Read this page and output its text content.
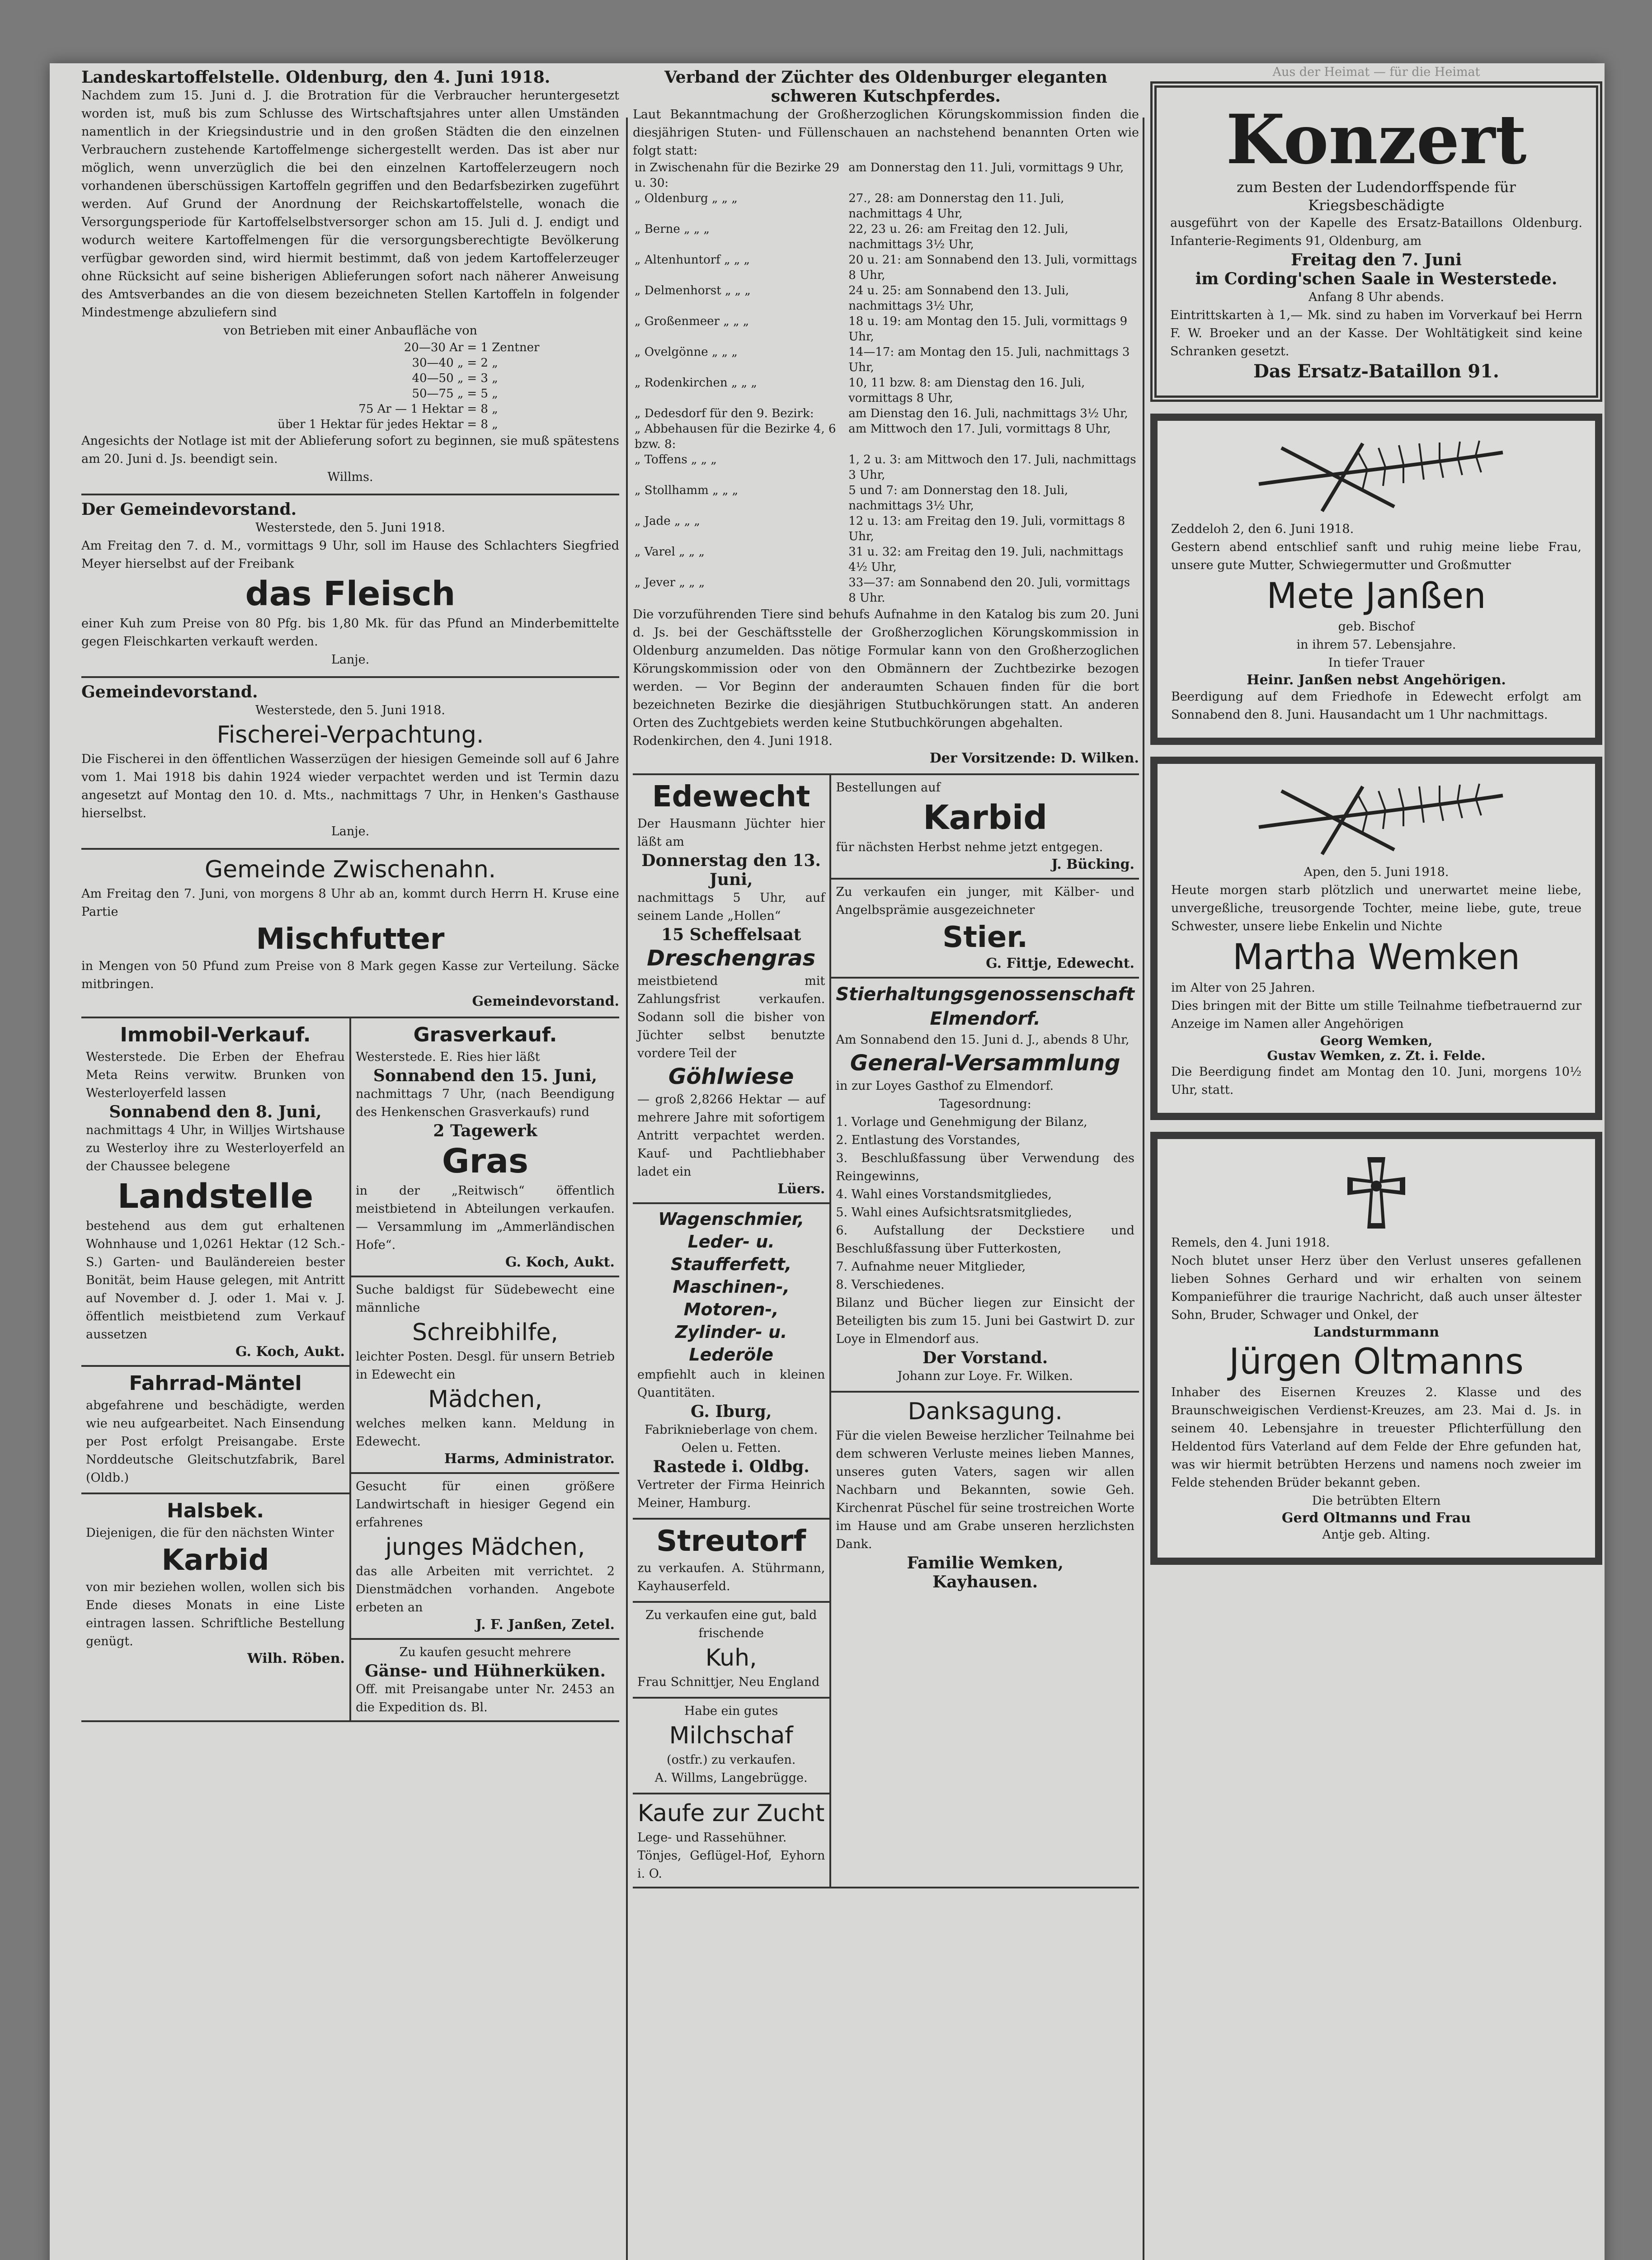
Landeskartoffelstelle. Oldenburg, den 4. Juni 1918.

Nachdem zum 15. Juni d. J. die Brotration für die Verbraucher heruntergesetzt worden ist, muß bis zum Schlusse des Wirtschaftsjahres unter allen Umständen namentlich in der Kriegsindustrie und in den großen Städten die den einzelnen Verbrauchern zustehende Kartoffelmenge sichergestellt werden. Das ist aber nur möglich, wenn unverzüglich die bei den einzelnen Kartoffelerzeugern noch vorhandenen überschüssigen Kartoffeln gegriffen und den Bedarfsbezirken zugeführt werden. Auf Grund der Anordnung der Reichskartoffelstelle, wonach die Versorgungsperiode für Kartoffelselbstversorger schon am 15. Juli d. J. endigt und wodurch weitere Kartoffelmengen für die versorgungsberechtigte Bevölkerung verfügbar geworden sind, wird hiermit bestimmt, daß von jedem Kartoffelerzeuger ohne Rücksicht auf seine bisherigen Ablieferungen sofort nach näherer Anweisung des Amtsverbandes an die von diesem bezeichneten Stellen Kartoffeln in folgender Mindestmenge abzuliefern sind

von Betrieben mit einer Anbaufläche von

20—30 Ar	= 1 Zentner
30—40 „	= 2 „
40—50 „	= 3 „
50—75 „	= 5 „
75 Ar — 1 Hektar	= 8 „
über 1 Hektar für jedes Hektar	= 8 „

Angesichts der Notlage ist mit der Ablieferung sofort zu beginnen, sie muß spätestens am 20. Juni d. Js. beendigt sein.

Willms.

Der Gemeindevorstand.

Westerstede, den 5. Juni 1918.

Am Freitag den 7. d. M., vormittags 9 Uhr, soll im Hause des Schlachters Siegfried Meyer hierselbst auf der Freibank

das Fleisch

einer Kuh zum Preise von 80 Pfg. bis 1,80 Mk. für das Pfund an Minderbemittelte gegen Fleischkarten verkauft werden.

Lanje.

Gemeindevorstand.

Westerstede, den 5. Juni 1918.

Fischerei-Verpachtung.

Die Fischerei in den öffentlichen Wasserzügen der hiesigen Gemeinde soll auf 6 Jahre vom 1. Mai 1918 bis dahin 1924 wieder verpachtet werden und ist Termin dazu angesetzt auf Montag den 10. d. Mts., nachmittags 7 Uhr, in Henken's Gasthause hierselbst.

Lanje.

Gemeinde Zwischenahn.

Am Freitag den 7. Juni, von morgens 8 Uhr ab an, kommt durch Herrn H. Kruse eine Partie

Mischfutter

in Mengen von 50 Pfund zum Preise von 8 Mark gegen Kasse zur Verteilung. Säcke mitbringen.

Gemeindevorstand.

Immobil-Verkauf.

Westerstede. Die Erben der Ehefrau Meta Reins verwitw. Brunken von Westerloyerfeld lassen

Sonnabend den 8. Juni,

nachmittags 4 Uhr, in Willjes Wirtshause zu Westerloy ihre zu Westerloyerfeld an der Chaussee belegene

Landstelle

bestehend aus dem gut erhaltenen Wohnhause und 1,0261 Hektar (12 Sch.-S.) Garten- und Bauländereien bester Bonität, beim Hause gelegen, mit Antritt auf November d. J. oder 1. Mai v. J. öffentlich meistbietend zum Verkauf aussetzen

G. Koch, Aukt.

Fahrrad-Mäntel

abgefahrene und beschädigte, werden wie neu aufgearbeitet. Nach Einsendung per Post erfolgt Preisangabe. Erste Norddeutsche Gleitschutzfabrik, Barel (Oldb.)

Halsbek.

Diejenigen, die für den nächsten Winter

Karbid

von mir beziehen wollen, wollen sich bis Ende dieses Monats in eine Liste eintragen lassen. Schriftliche Bestellung genügt.

Wilh. Röben.

Grasverkauf.

Westerstede. E. Ries hier läßt

Sonnabend den 15. Juni,

nachmittags 7 Uhr, (nach Beendigung des Henkenschen Grasverkaufs) rund

2 Tagewerk

Gras

in der „Reitwisch“ öffentlich meistbietend in Abteilungen verkaufen. — Versammlung im „Ammerländischen Hofe“.

G. Koch, Aukt.

Suche baldigst für Südebewecht eine männliche

Schreibhilfe,

leichter Posten. Desgl. für unsern Betrieb in Edewecht ein

Mädchen,

welches melken kann. Meldung in Edewecht.

Harms, Administrator.

Gesucht für einen größere Landwirtschaft in hiesiger Gegend ein erfahrenes

junges Mädchen,

das alle Arbeiten mit verrichtet. 2 Dienstmädchen vorhanden. Angebote erbeten an

J. F. Janßen, Zetel.

Zu kaufen gesucht mehrere

Gänse- und Hühnerküken.

Off. mit Preisangabe unter Nr. 2453 an die Expedition ds. Bl.

Verband der Züchter des Oldenburger eleganten schweren Kutschpferdes.

Laut Bekanntmachung der Großherzoglichen Körungskommission finden die diesjährigen Stuten- und Füllenschauen an nachstehend benannten Orten wie folgt statt:

in Zwischenahn für die Bezirke 29 u. 30:	am Donnerstag den 11. Juli, vormittags 9 Uhr,
„ Oldenburg „ „ „	27., 28: am Donnerstag den 11. Juli, nachmittags 4 Uhr,
„ Berne „ „ „	22, 23 u. 26: am Freitag den 12. Juli, nachmittags 3½ Uhr,
„ Altenhuntorf „ „ „	20 u. 21: am Sonnabend den 13. Juli, vormittags 8 Uhr,
„ Delmenhorst „ „ „	24 u. 25: am Sonnabend den 13. Juli, nachmittags 3½ Uhr,
„ Großenmeer „ „ „	18 u. 19: am Montag den 15. Juli, vormittags 9 Uhr,
„ Ovelgönne „ „ „	14—17: am Montag den 15. Juli, nachmittags 3 Uhr,
„ Rodenkirchen „ „ „	10, 11 bzw. 8: am Dienstag den 16. Juli, vormittags 8 Uhr,
„ Dedesdorf für den 9. Bezirk:	am Dienstag den 16. Juli, nachmittags 3½ Uhr,
„ Abbehausen für die Bezirke 4, 6 bzw. 8:	am Mittwoch den 17. Juli, vormittags 8 Uhr,
„ Toffens „ „ „	1, 2 u. 3: am Mittwoch den 17. Juli, nachmittags 3 Uhr,
„ Stollhamm „ „ „	5 und 7: am Donnerstag den 18. Juli, nachmittags 3½ Uhr,
„ Jade „ „ „	12 u. 13: am Freitag den 19. Juli, vormittags 8 Uhr,
„ Varel „ „ „	31 u. 32: am Freitag den 19. Juli, nachmittags 4½ Uhr,
„ Jever „ „ „	33—37: am Sonnabend den 20. Juli, vormittags 8 Uhr.

Die vorzuführenden Tiere sind behufs Aufnahme in den Katalog bis zum 20. Juni d. Js. bei der Geschäftsstelle der Großherzoglichen Körungskommission in Oldenburg anzumelden. Das nötige Formular kann von den Großherzoglichen Körungskommission oder von den Obmännern der Zuchtbezirke bezogen werden. — Vor Beginn der anderaumten Schauen finden für die bort bezeichneten Bezirke die diesjährigen Stutbuchkörungen statt. An anderen Orten des Zuchtgebiets werden keine Stutbuchkörungen abgehalten.

Rodenkirchen, den 4. Juni 1918.

Der Vorsitzende: D. Wilken.

Edewecht

Der Hausmann Jüchter hier läßt am

Donnerstag den 13. Juni,

nachmittags 5 Uhr, auf seinem Lande „Hollen“

15 Scheffelsaat

Dreschengras

meistbietend mit Zahlungsfrist verkaufen. Sodann soll die bisher von Jüchter selbst benutzte vordere Teil der

Göhlwiese

— groß 2,8266 Hektar — auf mehrere Jahre mit sofortigem Antritt verpachtet werden. Kauf- und Pachtliebhaber ladet ein

Lüers.

Wagenschmier,

Leder- u. Staufferfett,

Maschinen-, Motoren-,

Zylinder- u. Lederöle

empfiehlt auch in kleinen Quantitäten.

G. Iburg,

Fabriknieberlage von chem. Oelen u. Fetten.

Rastede i. Oldbg.

Vertreter der Firma Heinrich Meiner, Hamburg.

Streutorf

zu verkaufen. A. Stührmann, Kayhauserfeld.

Zu verkaufen eine gut, bald frischende

Kuh,

Frau Schnittjer, Neu England

Habe ein gutes

Milchschaf

(ostfr.) zu verkaufen.

A. Willms, Langebrügge.

Kaufe zur Zucht

Lege- und Rassehühner.

Tönjes, Geflügel-Hof, Eyhorn i. O.

Bestellungen auf

Karbid

für nächsten Herbst nehme jetzt entgegen.

J. Bücking.

Zu verkaufen ein junger, mit Kälber- und Angelbsprämie ausgezeichneter

Stier.

G. Fittje, Edewecht.

Stierhaltungsgenossenschaft Elmendorf.

Am Sonnabend den 15. Juni d. J., abends 8 Uhr,

General-Versammlung

in zur Loyes Gasthof zu Elmendorf.

Tagesordnung:

1. Vorlage und Genehmigung der Bilanz,

2. Entlastung des Vorstandes,

3. Beschlußfassung über Verwendung des Reingewinns,

4. Wahl eines Vorstandsmitgliedes,

5. Wahl eines Aufsichtsratsmitgliedes,

6. Aufstallung der Deckstiere und Beschlußfassung über Futterkosten,

7. Aufnahme neuer Mitglieder,

8. Verschiedenes.

Bilanz und Bücher liegen zur Einsicht der Beteiligten bis zum 15. Juni bei Gastwirt D. zur Loye in Elmendorf aus.

Der Vorstand.

Johann zur Loye. Fr. Wilken.

Danksagung.

Für die vielen Beweise herzlicher Teilnahme bei dem schweren Verluste meines lieben Mannes, unseres guten Vaters, sagen wir allen Nachbarn und Bekannten, sowie Geh. Kirchenrat Püschel für seine trostreichen Worte im Hause und am Grabe unseren herzlichsten Dank.

Familie Wemken,

Kayhausen.

Aus der Heimat — für die Heimat

Konzert

zum Besten der Ludendorffspende für Kriegsbeschädigte

ausgeführt von der Kapelle des Ersatz-Bataillons Oldenburg. Infanterie-Regiments 91, Oldenburg, am

Freitag den 7. Juni

im Cording'schen Saale in Westerstede.

Anfang 8 Uhr abends.

Eintrittskarten à 1,— Mk. sind zu haben im Vorverkauf bei Herrn F. W. Broeker und an der Kasse. Der Wohltätigkeit sind keine Schranken gesetzt.

Das Ersatz-Bataillon 91.

Zeddeloh 2, den 6. Juni 1918.

Gestern abend entschlief sanft und ruhig meine liebe Frau, unsere gute Mutter, Schwiegermutter und Großmutter

Mete Janßen

geb. Bischof

in ihrem 57. Lebensjahre.

In tiefer Trauer

Heinr. Janßen nebst Angehörigen.

Beerdigung auf dem Friedhofe in Edewecht erfolgt am Sonnabend den 8. Juni. Hausandacht um 1 Uhr nachmittags.

Apen, den 5. Juni 1918.

Heute morgen starb plötzlich und unerwartet meine liebe, unvergeßliche, treusorgende Tochter, meine liebe, gute, treue Schwester, unsere liebe Enkelin und Nichte

Martha Wemken

im Alter von 25 Jahren.

Dies bringen mit der Bitte um stille Teilnahme tiefbetrauernd zur Anzeige im Namen aller Angehörigen

Georg Wemken,

Gustav Wemken, z. Zt. i. Felde.

Die Beerdigung findet am Montag den 10. Juni, morgens 10½ Uhr, statt.

Remels, den 4. Juni 1918.

Noch blutet unser Herz über den Verlust unseres gefallenen lieben Sohnes Gerhard und wir erhalten von seinem Kompanieführer die traurige Nachricht, daß auch unser ältester Sohn, Bruder, Schwager und Onkel, der

Landsturmmann

Jürgen Oltmanns

Inhaber des Eisernen Kreuzes 2. Klasse und des Braunschweigischen Verdienst-Kreuzes, am 23. Mai d. Js. in seinem 40. Lebensjahre in treuester Pflichterfüllung den Heldentod fürs Vaterland auf dem Felde der Ehre gefunden hat, was wir hiermit betrübten Herzens und namens noch zweier im Felde stehenden Brüder bekannt geben.

Die betrübten Eltern

Gerd Oltmanns und Frau

Antje geb. Alting.
